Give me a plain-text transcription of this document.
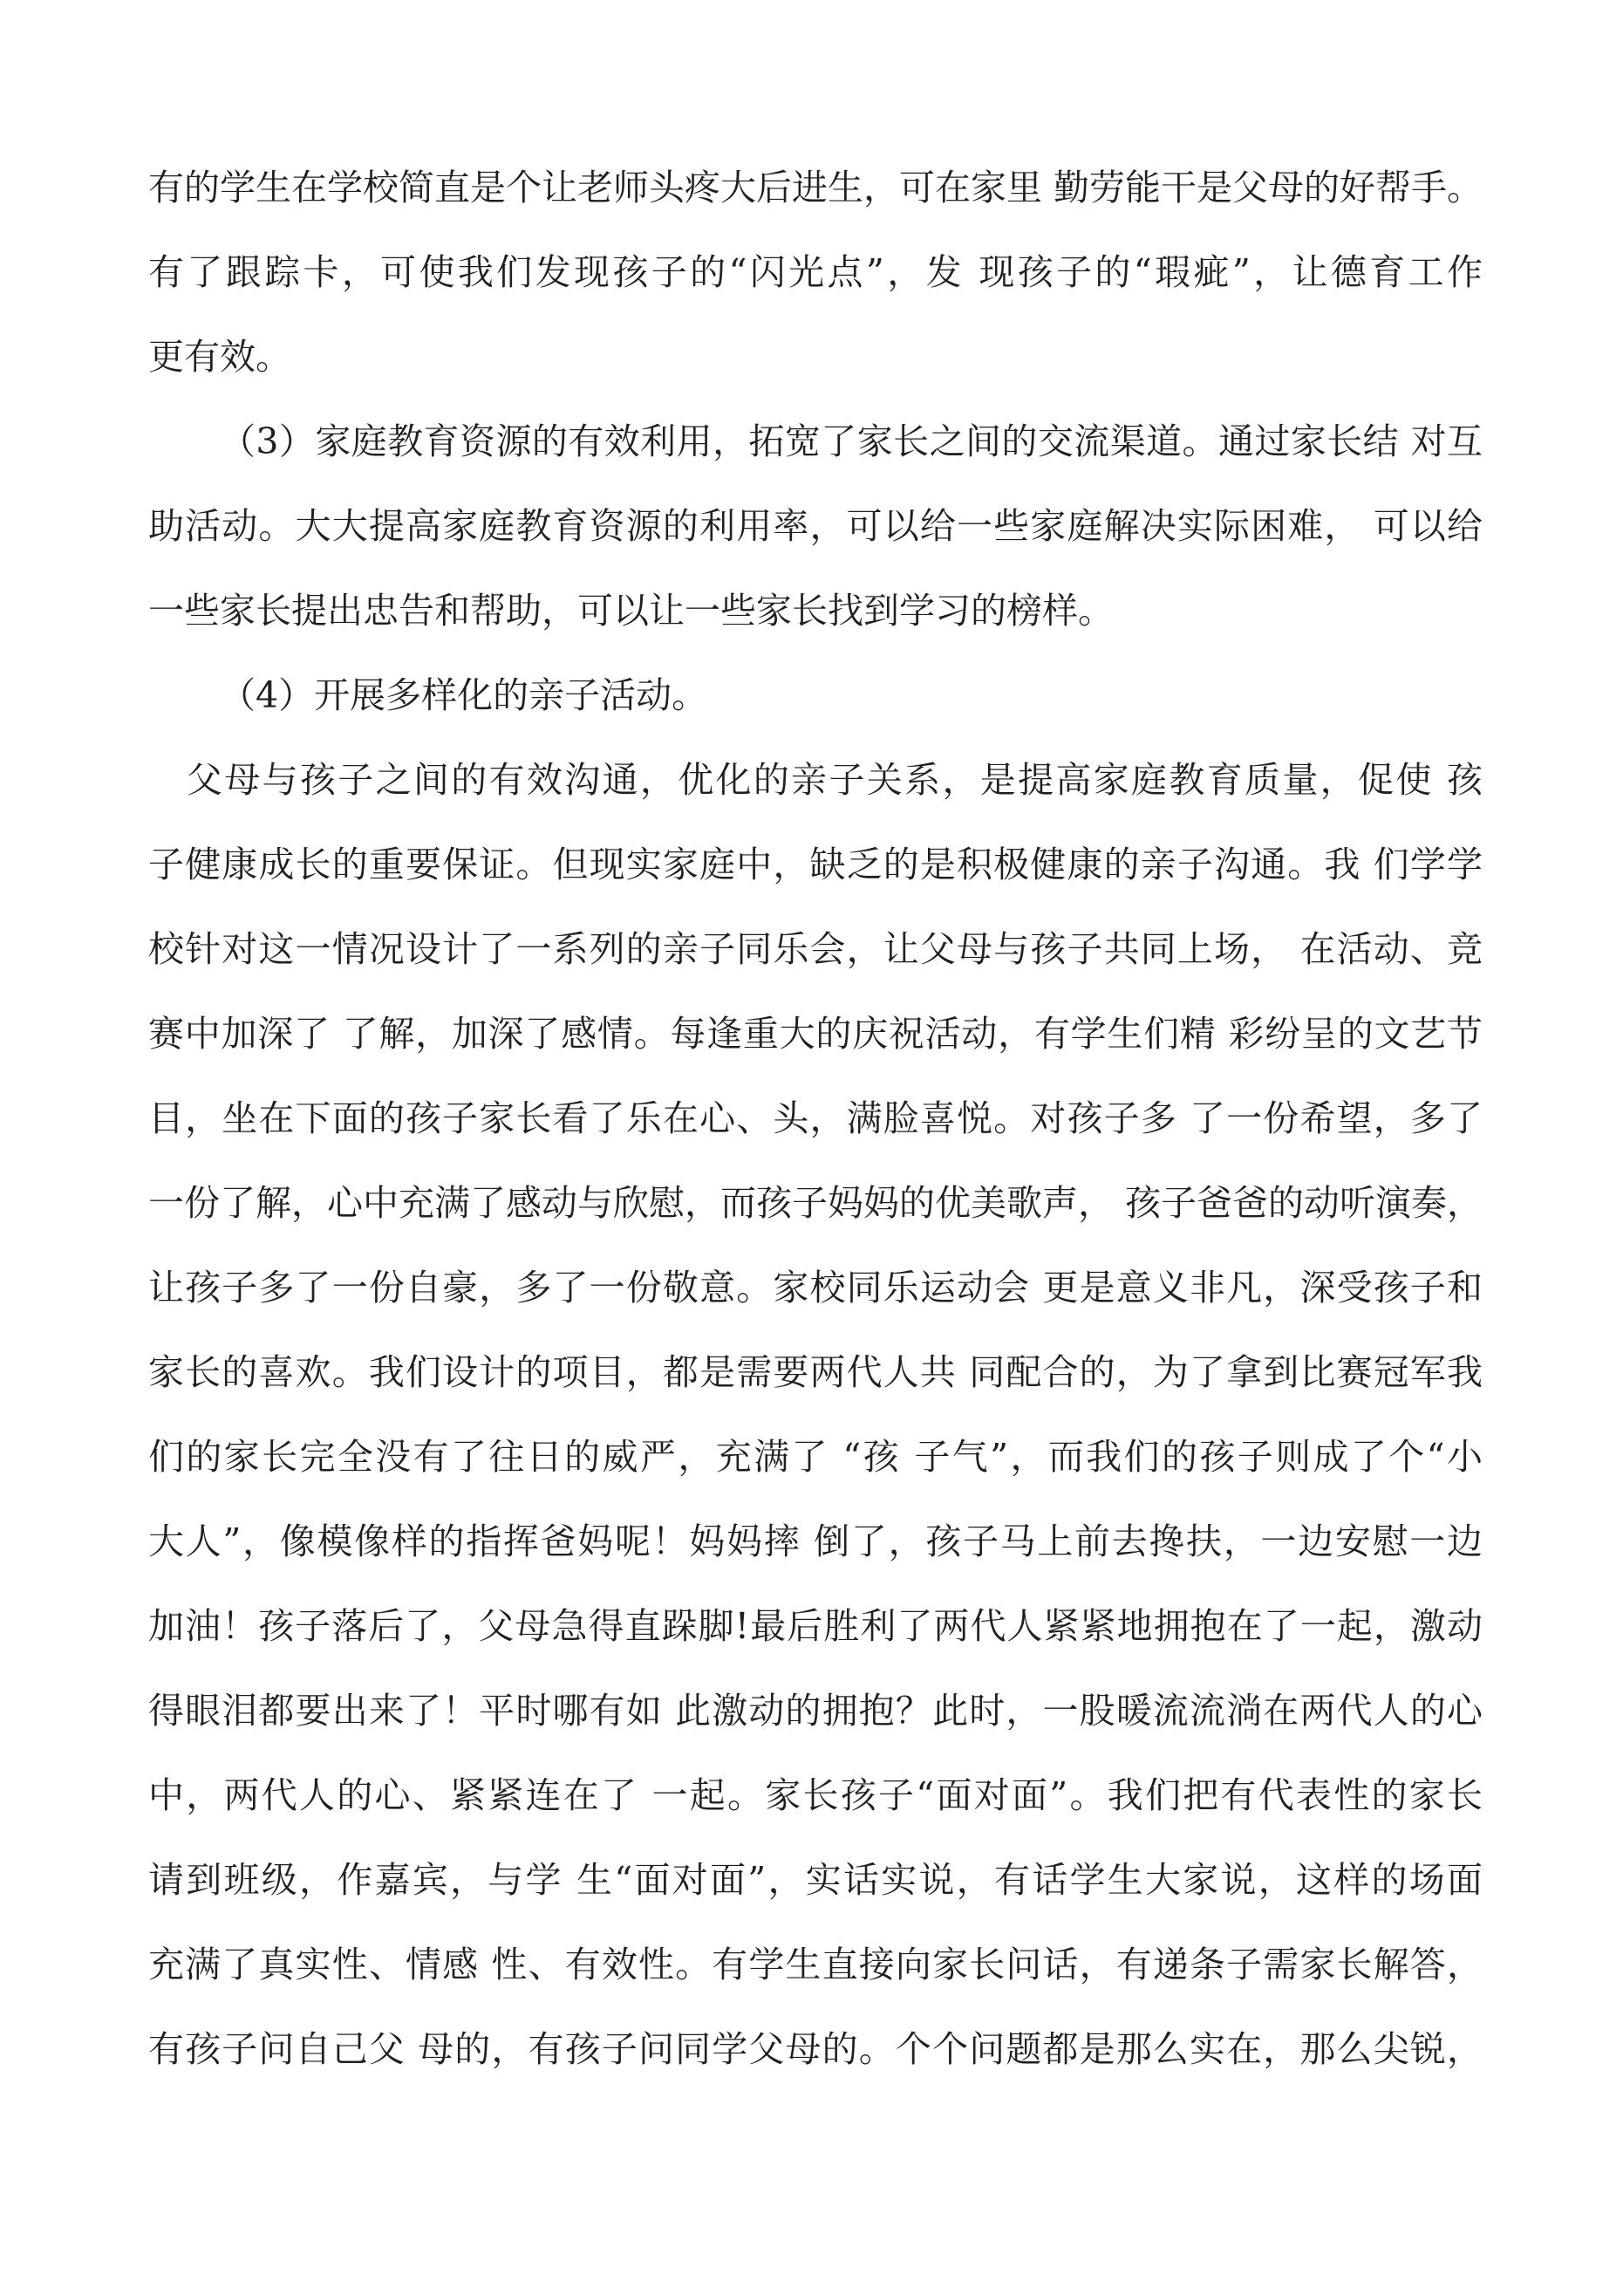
有的学生在学校简直是个让老师头疼大后进生，可在家里 勤劳能干是父母的好帮手。
有了跟踪卡，可使我们发现孩子的“闪光点”，发 现孩子的“瑕疵”，让德育工作
更有效。
（3）家庭教育资源的有效利用，拓宽了家长之间的交流渠道。通过家长结 对互
助活动。大大提高家庭教育资源的利用率，可以给一些家庭解决实际困难， 可以给
一些家长提出忠告和帮助，可以让一些家长找到学习的榜样。
（4）开展多样化的亲子活动。
父母与孩子之间的有效沟通，优化的亲子关系，是提高家庭教育质量，促使 孩
子健康成长的重要保证。但现实家庭中，缺乏的是积极健康的亲子沟通。我 们学学
校针对这一情况设计了一系列的亲子同乐会，让父母与孩子共同上场， 在活动、竞
赛中加深了 了解，加深了感情。每逢重大的庆祝活动，有学生们精 彩纷呈的文艺节
目，坐在下面的孩子家长看了乐在心、头，满脸喜悦。对孩子多 了一份希望，多了
一份了解，心中充满了感动与欣慰，而孩子妈妈的优美歌声， 孩子爸爸的动听演奏，
让孩子多了一份自豪，多了一份敬意。家校同乐运动会 更是意义非凡，深受孩子和
家长的喜欢。我们设计的项目，都是需要两代人共 同配合的，为了拿到比赛冠军我
们的家长完全没有了往日的威严，充满了 “孩 子气”，而我们的孩子则成了个“小
大人”，像模像样的指挥爸妈呢！妈妈摔 倒了，孩子马上前去搀扶，一边安慰一边
加油！孩子落后了，父母急得直跺脚!最后胜利了两代人紧紧地拥抱在了一起，激动
得眼泪都要出来了！平时哪有如 此激动的拥抱？此时，一股暖流流淌在两代人的心
中，两代人的心、紧紧连在了 一起。家长孩子“面对面”。我们把有代表性的家长
请到班级，作嘉宾，与学 生“面对面”，实话实说，有话学生大家说，这样的场面
充满了真实性、情感 性、有效性。有学生直接向家长问话，有递条子需家长解答，
有孩子问自己父 母的，有孩子问同学父母的。个个问题都是那么实在，那么尖锐，
